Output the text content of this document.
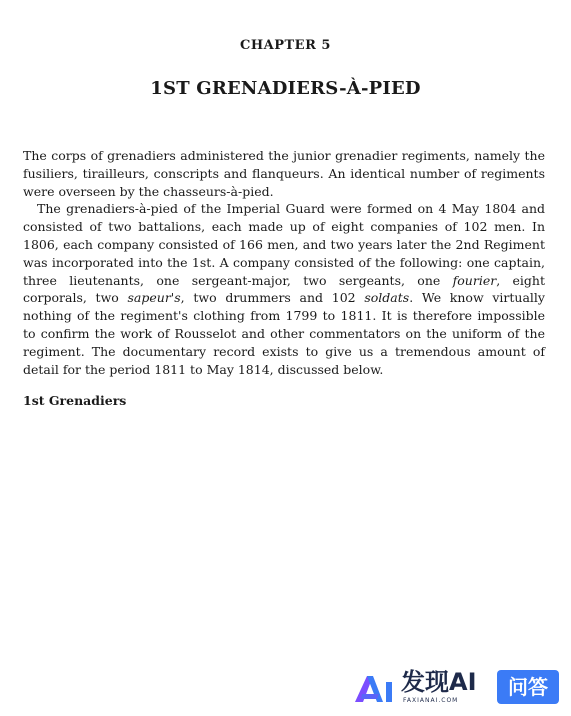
CHAPTER 5
1ST GRENADIERS-À-PIED

The corps of grenadiers administered the junior grenadier regiments, namely the fusiliers, tirailleurs, conscripts and flanqueurs. An identical number of regiments were overseen by the chasseurs-à-pied.

The grenadiers-à-pied of the Imperial Guard were formed on 4 May 1804 and consisted of two battalions, each made up of eight companies of 102 men. In 1806, each company consisted of 166 men, and two years later the 2nd Regiment was incorporated into the 1st. A company consisted of the following: one captain, three lieutenants, one sergeant-major, two sergeants, one fourier, eight corporals, two sapeur's, two drummers and 102 soldats. We know virtually nothing of the regiment's clothing from 1799 to 1811. It is therefore impossible to confirm the work of Rousselot and other commentators on the uniform of the regiment. The documentary record exists to give us a tremendous amount of detail for the period 1811 to May 1814, discussed below.

1st Grenadiers
发现AI
FAXIANAI.COM
问答
